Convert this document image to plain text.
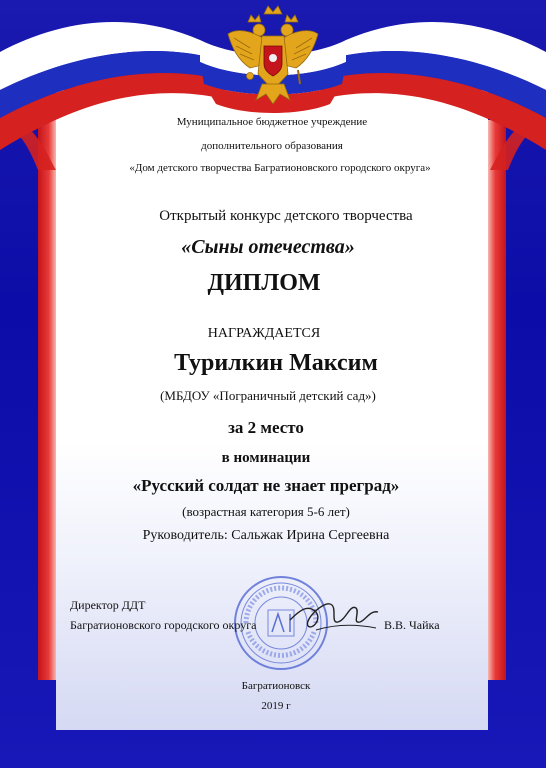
Муниципальное бюджетное учреждение
дополнительного образования
«Дом детского творчества Багратионовского городского округа»
Открытый конкурс детского творчества
«Сыны отечества»
ДИПЛОМ
НАГРАЖДАЕТСЯ
Турилкин Максим
(МБДОУ «Пограничный детский сад»)
за 2 место
в номинации
«Русский солдат не знает преград»
(возрастная категория 5-6 лет)
Руководитель: Сальжак Ирина Сергеевна
Директор ДДТ
Багратионовского городского округа	В.В. Чайка
Багратионовск
2019 г
